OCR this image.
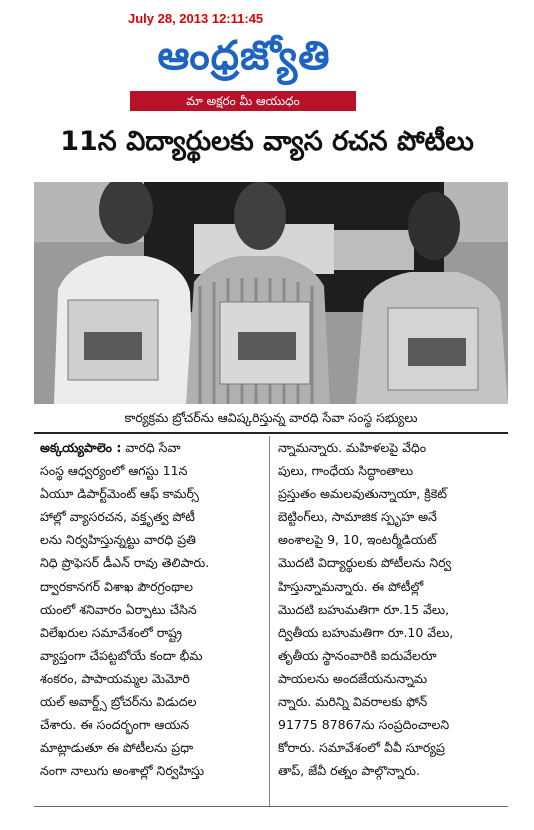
July 28, 2013 12:11:45
ఆంధ్రజ్యోతి
మా అక్షరం మీ ఆయుధం
11న విద్యార్థులకు వ్యాస రచన పోటీలు
కార్యక్రమ బ్రోచర్‌ను ఆవిష్కరిస్తున్న వారధి సేవా సంస్థ సభ్యులు
అక్కయ్యపాలెం : వారధి సేవా
సంస్థ ఆధ్వర్యంలో ఆగస్టు 11న
ఏయూ డిపార్ట్‌మెంట్ ఆఫ్ కామర్స్
హాల్లో వ్యాసరచన, వక్తృత్వ పోటీ
లను నిర్వహిస్తున్నట్టు వారధి ప్రతి
నిధి ప్రొఫెసర్ డీఎన్ రావు తెలిపారు.
ద్వారకానగర్ విశాఖ పౌరగ్రంథాల
యంలో శనివారం ఏర్పాటు చేసిన
విలేఖరుల సమావేశంలో రాష్ట్ర
వ్యాప్తంగా చేపట్టబోయే కందా భీమ
శంకరం, పాపాయమ్మల మెమోరి
యల్ అవార్డ్స్ బ్రోచర్‌ను విడుదల
చేశారు. ఈ సందర్భంగా ఆయన
మాట్లాడుతూ ఈ పోటీలను ప్రధా
నంగా నాలుగు అంశాల్లో నిర్వహిస్తు
న్నామన్నారు. మహిళలపై వేధిం
పులు, గాంధేయ సిద్ధాంతాలు
ప్రస్తుతం అమలవుతున్నాయా, క్రికెట్
బెట్టింగ్‌లు, సామాజిక స్పృహ అనే
అంశాలపై 9, 10, ఇంటర్మీడియట్
మొదటి విద్యార్థులకు పోటీలను నిర్వ
హిస్తున్నామన్నారు. ఈ పోటీల్లో
మొదటి బహుమతిగా రూ.15 వేలు,
ద్వితీయ బహుమతిగా రూ.10 వేలు,
తృతీయ స్థానంవారికి ఐదువేలరూ
పాయలను అందజేయనున్నామ
న్నారు. మరిన్ని వివరాలకు ఫోన్
91775 87867ను సంప్రదించాలని
కోరారు. సమావేశంలో వీవీ సూర్యప్ర
తాప్, జేవీ రత్నం పాల్గొన్నారు.
